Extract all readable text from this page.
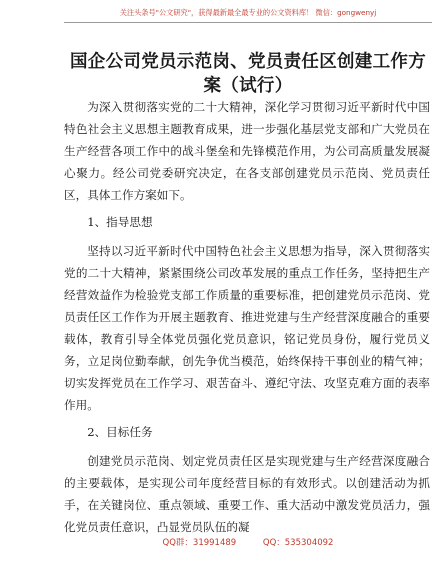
关注头条号"公文研究"，获得最新最全最专业的公文资料库！ 微信：gongwenyj
国企公司党员示范岗、党员责任区创建工作方案（试行）

为深入贯彻落实党的二十大精神，深化学习贯彻习近平新时代中国特色社会主义思想主题教育成果，进一步强化基层党支部和广大党员在生产经营各项工作中的战斗堡垒和先锋模范作用，为公司高质量发展凝心聚力。经公司党委研究决定，在各支部创建党员示范岗、党员责任区，具体工作方案如下。

1、指导思想

坚持以习近平新时代中国特色社会主义思想为指导，深入贯彻落实党的二十大精神，紧紧围绕公司改革发展的重点工作任务，坚持把生产经营效益作为检验党支部工作质量的重要标准，把创建党员示范岗、党员责任区工作作为开展主题教育、推进党建与生产经营深度融合的重要载体，教育引导全体党员强化党员意识，铭记党员身份，履行党员义务，立足岗位勤奉献，创先争优当模范，始终保持干事创业的精气神；切实发挥党员在工作学习、艰苦奋斗、遵纪守法、攻坚克难方面的表率作用。

2、目标任务

创建党员示范岗、划定党员责任区是实现党建与生产经营深度融合的主要载体，是实现公司年度经营目标的有效形式。以创建活动为抓手，在关键岗位、重点领域、重要工作、重大活动中激发党员活力，强化党员责任意识，凸显党员队伍的凝

QQ群：31991489 QQ：535304092
